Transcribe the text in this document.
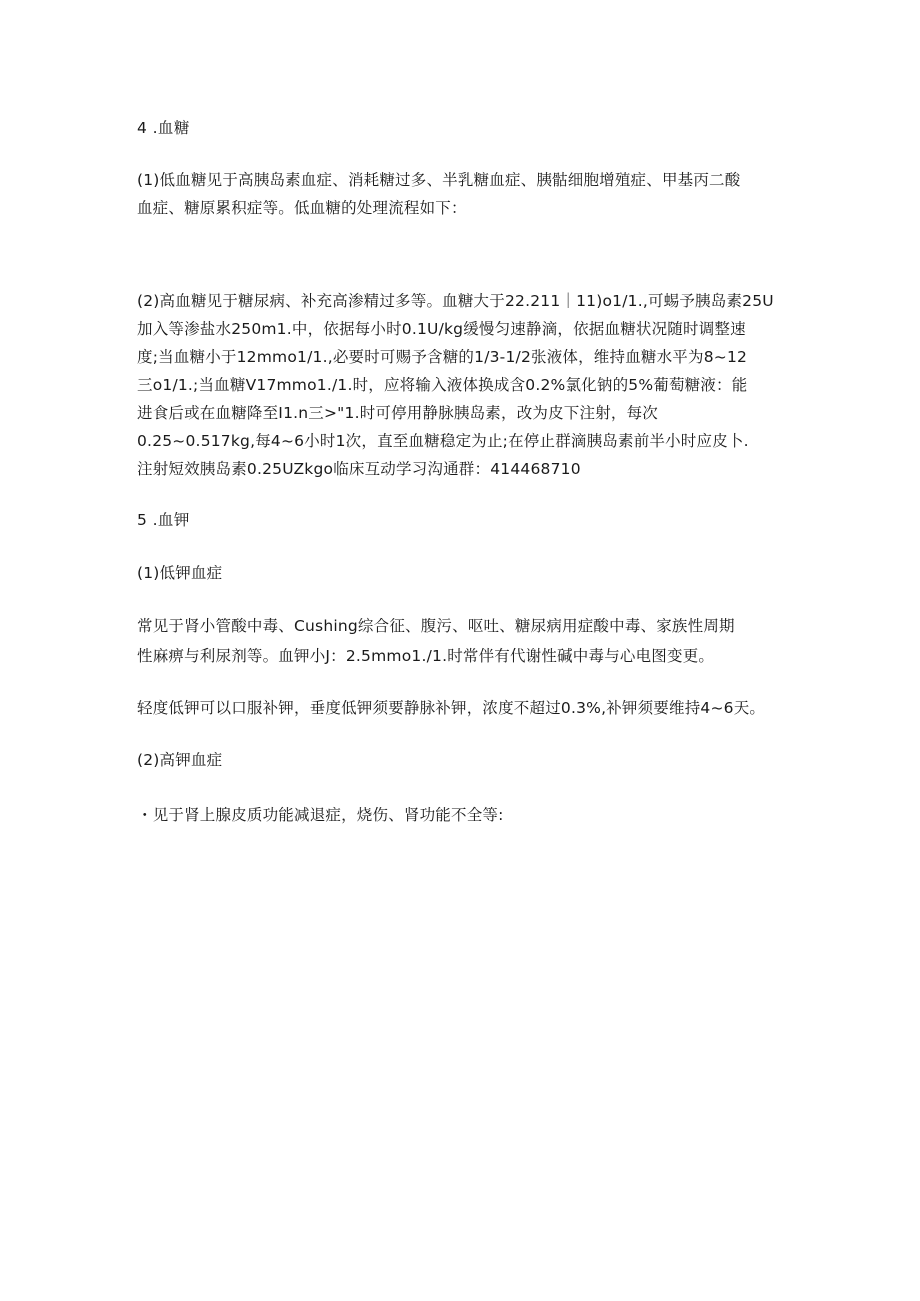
4 .血糖
(1)低血糖见于高胰岛素血症、消耗糖过多、半乳糖血症、胰骷细胞增殖症、甲基丙二酸
血症、糖原累积症等。低血糖的处理流程如下：
(2)高血糖见于糖尿病、补充高渗精过多等。血糖大于22.211｜11)o1/1.,可蜴予胰岛素25U
加入等渗盐水250m1.中，依据每小时0.1U/kg缓慢匀速静滴，依据血糖状况随时调整速
度;当血糖小于12mmo1/1.,必要时可赐予含糖的1/3-1/2张液体，维持血糖水平为8~12
三o1/1.;当血糖V17mmo1./1.时，应将输入液体换成含0.2%氯化钠的5%葡萄糖液：能
进食后或在血糖降至I1.n三>"1.时可停用静脉胰岛素，改为皮下注射，每次
0.25~0.517kg,每4~6小时1次，直至血糖稳定为止;在停止群滴胰岛素前半小时应皮卜.
注射短效胰岛素0.25UZkgo临床互动学习沟通群：414468710
5 .血钾
(1)低钾血症
常见于肾小管酸中毒、Cushing综合征、腹污、呕吐、糖尿病用症酸中毒、家族性周期
性麻痹与利尿剂等。血钾小J：2.5mmo1./1.时常伴有代谢性碱中毒与心电图变更。
轻度低钾可以口服补钾，垂度低钾须要静脉补钾，浓度不超过0.3%,补钾须要维持4~6天。
(2)高钾血症
・见于肾上腺皮质功能减退症，烧伤、肾功能不全等:
